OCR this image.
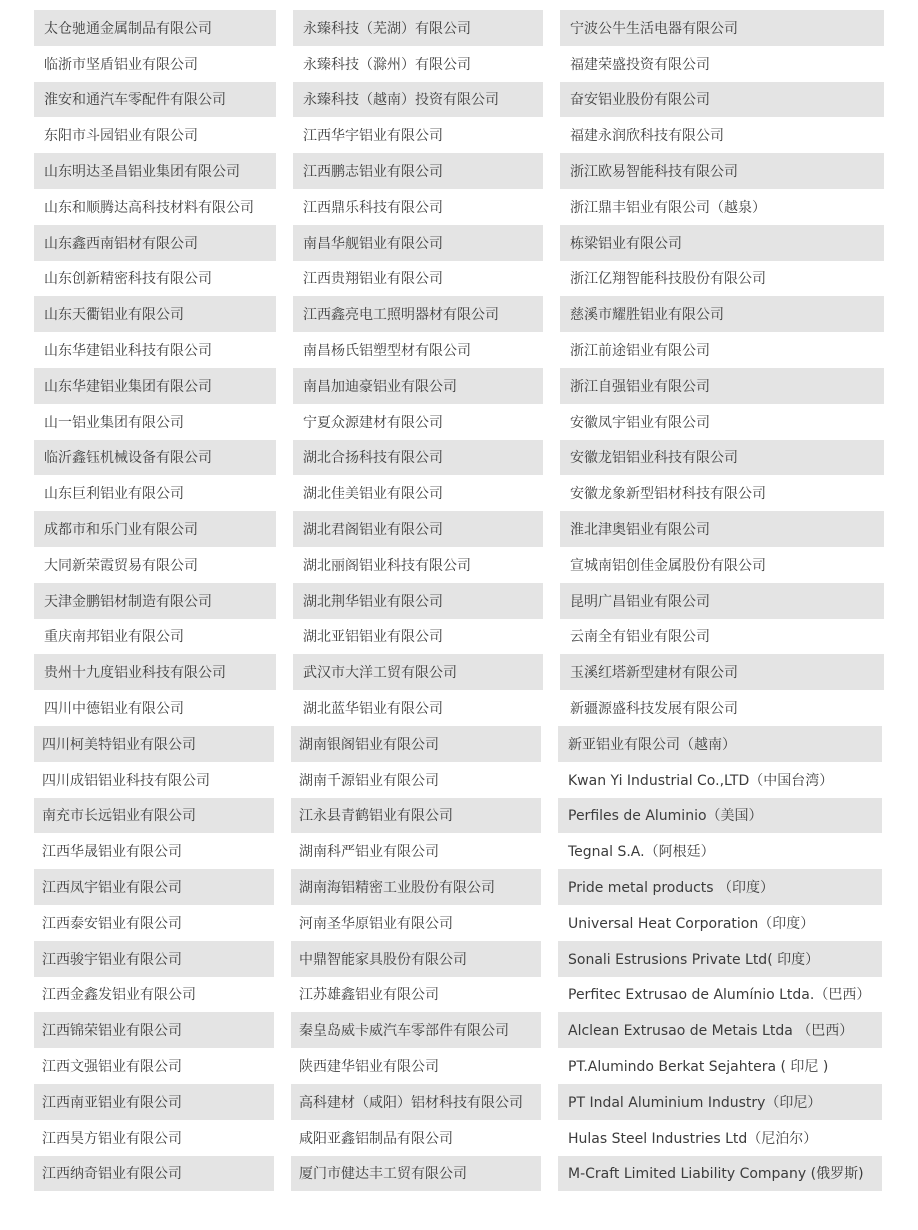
太仓驰通金属制品有限公司	永臻科技（芜湖）有限公司	宁波公牛生活电器有限公司
临浙市坚盾铝业有限公司	永臻科技（滁州）有限公司	福建荣盛投资有限公司
淮安和通汽车零配件有限公司	永臻科技（越南）投资有限公司	奋安铝业股份有限公司
东阳市斗园铝业有限公司	江西华宇铝业有限公司	福建永润欣科技有限公司
山东明达圣昌铝业集团有限公司	江西鹏志铝业有限公司	浙江欧易智能科技有限公司
山东和顺腾达高科技材料有限公司	江西鼎乐科技有限公司	浙江鼎丰铝业有限公司（越泉）
山东鑫西南铝材有限公司	南昌华舰铝业有限公司	栋梁铝业有限公司
山东创新精密科技有限公司	江西贵翔铝业有限公司	浙江亿翔智能科技股份有限公司
山东天衢铝业有限公司	江西鑫亮电工照明器材有限公司	慈溪市耀胜铝业有限公司
山东华建铝业科技有限公司	南昌杨氏铝塑型材有限公司	浙江前途铝业有限公司
山东华建铝业集团有限公司	南昌加迪豪铝业有限公司	浙江自强铝业有限公司
山一铝业集团有限公司	宁夏众源建材有限公司	安徽凤宇铝业有限公司
临沂鑫钰机械设备有限公司	湖北合扬科技有限公司	安徽龙铝铝业科技有限公司
山东巨利铝业有限公司	湖北佳美铝业有限公司	安徽龙象新型铝材科技有限公司
成都市和乐门业有限公司	湖北君阁铝业有限公司	淮北津奥铝业有限公司
大同新荣霞贸易有限公司	湖北丽阁铝业科技有限公司	宣城南铝创佳金属股份有限公司
天津金鹏铝材制造有限公司	湖北荆华铝业有限公司	昆明广昌铝业有限公司
重庆南邦铝业有限公司	湖北亚铝铝业有限公司	云南全有铝业有限公司
贵州十九度铝业科技有限公司	武汉市大洋工贸有限公司	玉溪红塔新型建材有限公司
四川中德铝业有限公司	湖北蓝华铝业有限公司	新疆源盛科技发展有限公司
四川柯美特铝业有限公司	湖南银阁铝业有限公司	新亚铝业有限公司（越南）
四川成铝铝业科技有限公司	湖南千源铝业有限公司	Kwan Yi Industrial Co.,LTD（中国台湾）
南充市长远铝业有限公司	江永县青鹤铝业有限公司	Perfiles de Aluminio（美国）
江西华晟铝业有限公司	湖南科严铝业有限公司	Tegnal S.A.（阿根廷）
江西凤宇铝业有限公司	湖南海铝精密工业股份有限公司	Pride metal products （印度）
江西泰安铝业有限公司	河南圣华原铝业有限公司	Universal Heat Corporation（印度）
江西骏宇铝业有限公司	中鼎智能家具股份有限公司	Sonali Estrusions Private Ltd( 印度）
江西金鑫发铝业有限公司	江苏雄鑫铝业有限公司	Perfitec Extrusao de Alumínio Ltda.（巴西）
江西锦荣铝业有限公司	秦皇岛威卡威汽车零部件有限公司	Alclean Extrusao de Metais Ltda （巴西）
江西文强铝业有限公司	陕西建华铝业有限公司	PT.Alumindo Berkat Sejahtera ( 印尼 )
江西南亚铝业有限公司	高科建材（咸阳）铝材科技有限公司	PT Indal Aluminium Industry（印尼）
江西昊方铝业有限公司	咸阳亚鑫铝制品有限公司	Hulas Steel Industries Ltd（尼泊尔）
江西纳奇铝业有限公司	厦门市健达丰工贸有限公司	M-Craft Limited Liability Company (俄罗斯)
